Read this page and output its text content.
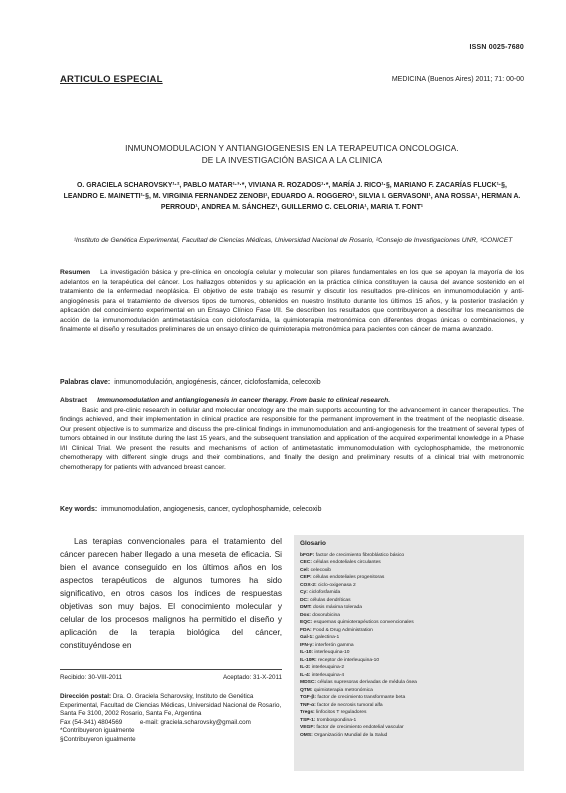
ISSN 0025-7680
ARTICULO ESPECIAL	MEDICINA (Buenos Aires) 2011; 71: 00-00
INMUNOMODULACION Y ANTIANGIOGENESIS EN LA TERAPEUTICA ONCOLOGICA.
DE LA INVESTIGACIÓN BASICA A LA CLINICA
O. GRACIELA SCHAROVSKY¹·², PABLO MATAR¹·³·*, VIVIANA R. ROZADOS¹·*, MARÍA J. RICO¹·§, MARIANO F. ZACARÍAS FLUCK¹·§, LEANDRO E. MAINETTI¹·§, M. VIRGINIA FERNANDEZ ZENOBI¹, EDUARDO A. ROGGERO¹, SILVIA I. GERVASONI¹, ANA ROSSA¹, HERMAN A. PERROUD¹, ANDREA M. SÁNCHEZ¹, GUILLERMO C. CELORIA¹, MARIA T. FONT¹
¹Instituto de Genética Experimental, Facultad de Ciencias Médicas, Universidad Nacional de Rosario, ²Consejo de Investigaciones UNR, ³CONICET
Resumen La investigación básica y pre-clínica en oncología celular y molecular son pilares fundamentales en los que se apoyan la mayoría de los adelantos en la terapéutica del cáncer. Los hallazgos obtenidos y su aplicación en la práctica clínica constituyen la causa del avance sostenido en el tratamiento de la enfermedad neoplásica. El objetivo de este trabajo es resumir y discutir los resultados pre-clínicos en inmunomodulación y anti-angiogénesis para el tratamiento de diversos tipos de tumores, obtenidos en nuestro Instituto durante los últimos 15 años, y la posterior traslación y aplicación del conocimiento experimental en un Ensayo Clínico Fase I/II. Se describen los resultados que contribuyeron a descifrar los mecanismos de acción de la inmunomodulación antimetastásica con ciclofosfamida, la quimioterapia metronómica con diferentes drogas únicas o combinaciones, y finalmente el diseño y resultados preliminares de un ensayo clínico de quimioterapia metronómica para pacientes con cáncer de mama avanzado.
Palabras clave: inmunomodulación, angiogénesis, cáncer, ciclofosfamida, celecoxib
Abstract Immunomodulation and antiangiogenesis in cancer therapy. From basic to clinical research.
Basic and pre-clinic research in cellular and molecular oncology are the main supports accounting for the advancement in cancer therapeutics. The findings achieved, and their implementation in clinical practice are responsible for the permanent improvement in the treatment of the neoplastic disease. Our present objective is to summarize and discuss the pre-clinical findings in immunomodulation and anti-angiogenesis for the treatment of several types of tumors obtained in our Institute during the last 15 years, and the subsequent translation and application of the acquired experimental knowledge in a Phase I/II Clinical Trial. We present the results and mechanisms of action of antimetastatic immunomodulation with cyclophosphamide, the metronomic chemotherapy with different single drugs and their combinations, and finally the design and preliminary results of a clinical trial with metronomic chemotherapy for patients with advanced breast cancer.
Key words: immunomodulation, angiogenesis, cancer, cyclophosphamide, celecoxib
Las terapias convencionales para el tratamiento del cáncer parecen haber llegado a una meseta de eficacia. Si bien el avance conseguido en los últimos años en los aspectos terapéuticos de algunos tumores ha sido significativo, en otros casos los índices de respuestas objetivas son muy bajos. El conocimiento molecular y celular de los procesos malignos ha permitido el diseño y aplicación de la terapia biológica del cáncer, constituyéndose en
Recibido: 30-VIII-2011	Aceptado: 31-X-2011
Dirección postal: Dra. O. Graciela Scharovsky, Instituto de Genética Experimental, Facultad de Ciencias Médicas, Universidad Nacional de Rosario, Santa Fe 3100, 2002 Rosario, Santa Fe, Argentina
Fax (54-341) 4804569	e-mail: graciela.scharovsky@gmail.com
*Contribuyeron igualmente
§Contribuyeron igualmente
Glosario
bFGF: factor de crecimiento fibroblástico básico
CEC: células endoteliales circulantes
Cel: celecoxib
CEP: células endoteliales progenitoras
COX-2: ciclo-oxigenasa 2
Cy: ciclofosfamida
DC: células dendríticas
DMT: dosis máxima tolerada
Dox: doxorubicina
EQC: esquemas quimioterapéuticos convencionales
FDA: Food & Drug Administration
Gal-1: galectina-1
IFN-γ: interferón gamma
IL-10: interleuquina-10
IL-10R: receptor de interleuquina-10
IL-2: interleuquina-2
IL-4: interleuquina-4
MDSC: células supresoras derivadas de médula ósea
QTM: quimioterapia metronómica
TGF-β: factor de crecimiento transformante beta
TNF-α: factor de necrosis tumoral alfa
Tregs: linfocitos T reguladores
TSP-1: trombospondina-1
VEGF: factor de crecimiento endotelial vascular
OMS: Organización Mundial de la Salud
